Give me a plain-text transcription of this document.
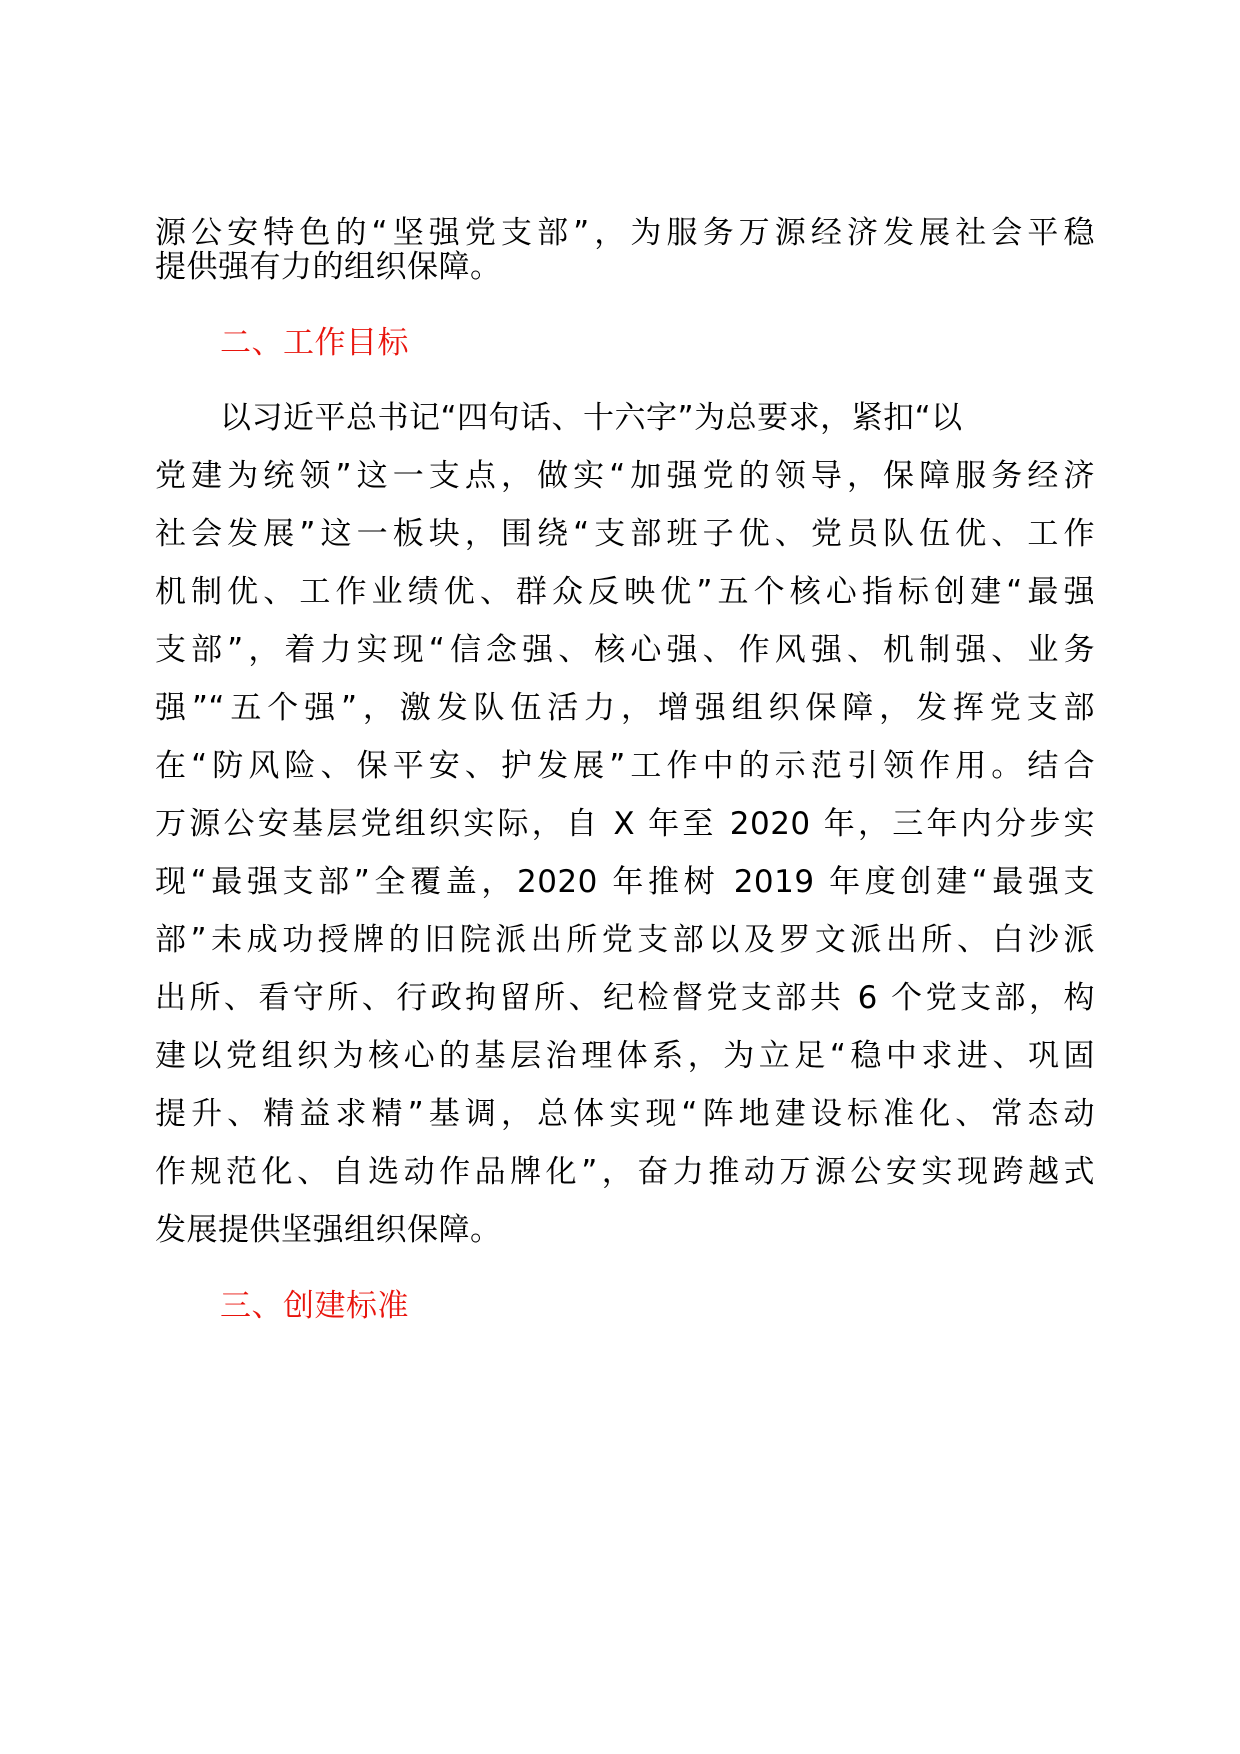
源公安特色的“坚强党支部”，为服务万源经济发展社会平稳
提供强有力的组织保障。
二、工作目标
以习近平总书记“四句话、十六字”为总要求，紧扣“以
党建为统领”这一支点，做实“加强党的领导，保障服务经济
社会发展”这一板块，围绕“支部班子优、党员队伍优、工作
机制优、工作业绩优、群众反映优”五个核心指标创建“最强
支部”，着力实现“信念强、核心强、作风强、机制强、业务
强”“五个强”，激发队伍活力，增强组织保障，发挥党支部
在“防风险、保平安、护发展”工作中的示范引领作用。结合
万源公安基层党组织实际，自 X 年至 2020 年，三年内分步实
现“最强支部”全覆盖，2020 年推树 2019 年度创建“最强支
部”未成功授牌的旧院派出所党支部以及罗文派出所、白沙派
出所、看守所、行政拘留所、纪检督党支部共 6 个党支部，构
建以党组织为核心的基层治理体系，为立足“稳中求进、巩固
提升、精益求精”基调，总体实现“阵地建设标准化、常态动
作规范化、自选动作品牌化”，奋力推动万源公安实现跨越式
发展提供坚强组织保障。
三、创建标准
